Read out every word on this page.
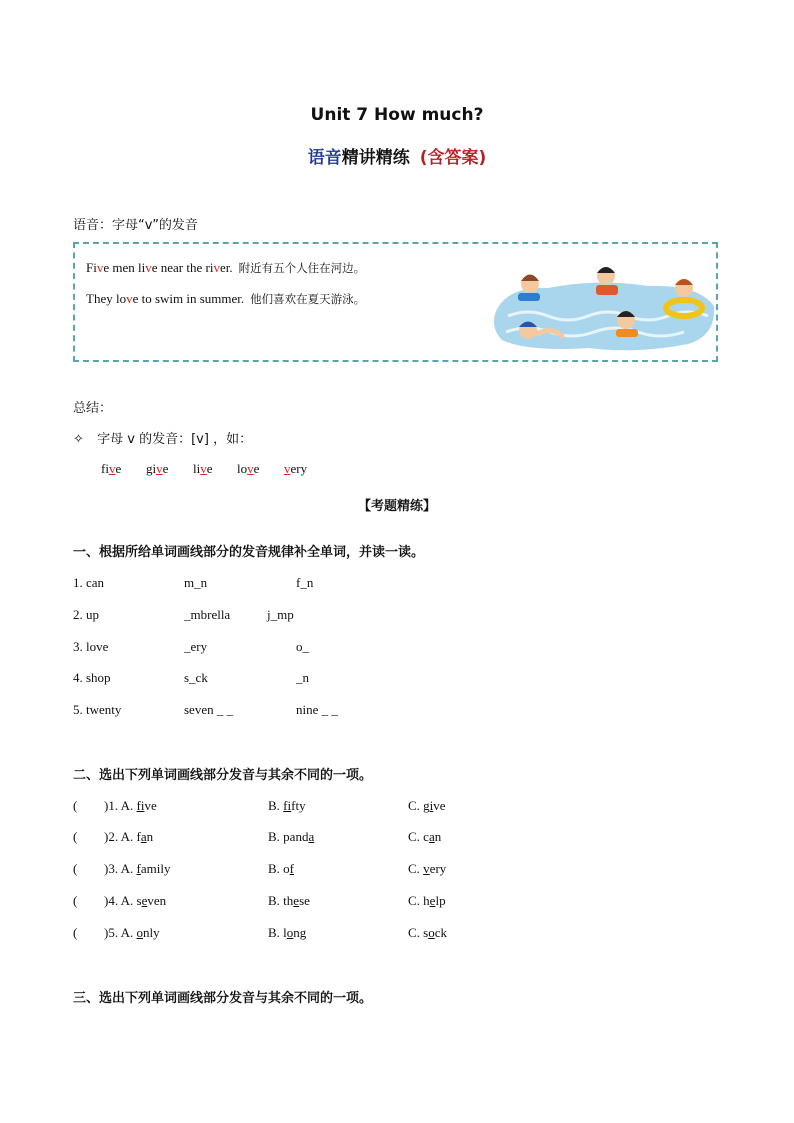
Unit 7 How much?
语音精讲精练 (含答案)
语音：字母“v”的发音
Five men live near the river. 附近有五个人住在河边。
They love to swim in summer. 他们喜欢在夏天游泳。
总结：
✧ 字母 v 的发音：[v] ，如：
five give live love very
【考题精练】
一、根据所给单词画线部分的发音规律补全单词，并读一读。
1. can	m_n	f_n
2. up	_mbrella	j_mp
3. love	_ery	o_
4. shop	s_ck	_n
5. twenty	seven _ _	nine _ _
二、选出下列单词画线部分发音与其余不同的一项。
( )1. A. five	B. fifty	C. give
( )2. A. fan	B. panda	C. can
( )3. A. family	B. of	C. very
( )4. A. seven	B. these	C. help
( )5. A. only	B. long	C. sock
三、选出下列单词画线部分发音与其余不同的一项。
